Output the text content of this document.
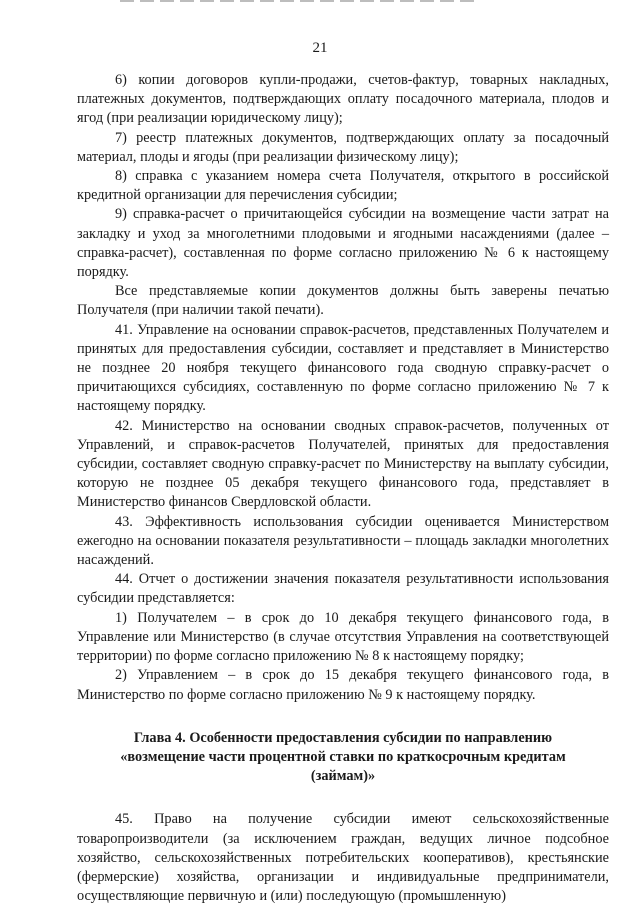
21

6) копии договоров купли-продажи, счетов-фактур, товарных накладных, платежных документов, подтверждающих оплату посадочного материала, плодов и ягод (при реализации юридическому лицу);

7) реестр платежных документов, подтверждающих оплату за посадочный материал, плоды и ягоды (при реализации физическому лицу);

8) справка с указанием номера счета Получателя, открытого в российской кредитной организации для перечисления субсидии;

9) справка-расчет о причитающейся субсидии на возмещение части затрат на закладку и уход за многолетними плодовыми и ягодными насаждениями (далее – справка-расчет), составленная по форме согласно приложению № 6 к настоящему порядку.

Все представляемые копии документов должны быть заверены печатью Получателя (при наличии такой печати).

41. Управление на основании справок-расчетов, представленных Получателем и принятых для предоставления субсидии, составляет и представляет в Министерство не позднее 20 ноября текущего финансового года сводную справку-расчет о причитающихся субсидиях, составленную по форме согласно приложению № 7 к настоящему порядку.

42. Министерство на основании сводных справок-расчетов, полученных от Управлений, и справок-расчетов Получателей, принятых для предоставления субсидии, составляет сводную справку-расчет по Министерству на выплату субсидии, которую не позднее 05 декабря текущего финансового года, представляет в Министерство финансов Свердловской области.

43. Эффективность использования субсидии оценивается Министерством ежегодно на основании показателя результативности – площадь закладки многолетних насаждений.

44. Отчет о достижении значения показателя результативности использования субсидии представляется:

1) Получателем – в срок до 10 декабря текущего финансового года, в Управление или Министерство (в случае отсутствия Управления на соответствующей территории) по форме согласно приложению № 8 к настоящему порядку;

2) Управлением – в срок до 15 декабря текущего финансового года, в Министерство по форме согласно приложению № 9 к настоящему порядку.

Глава 4. Особенности предоставления субсидии по направлению «возмещение части процентной ставки по краткосрочным кредитам (займам)»

45. Право на получение субсидии имеют сельскохозяйственные товаропроизводители (за исключением граждан, ведущих личное подсобное хозяйство, сельскохозяйственных потребительских кооперативов), крестьянские (фермерские) хозяйства, организации и индивидуальные предприниматели, осуществляющие первичную и (или) последующую (промышленную)
